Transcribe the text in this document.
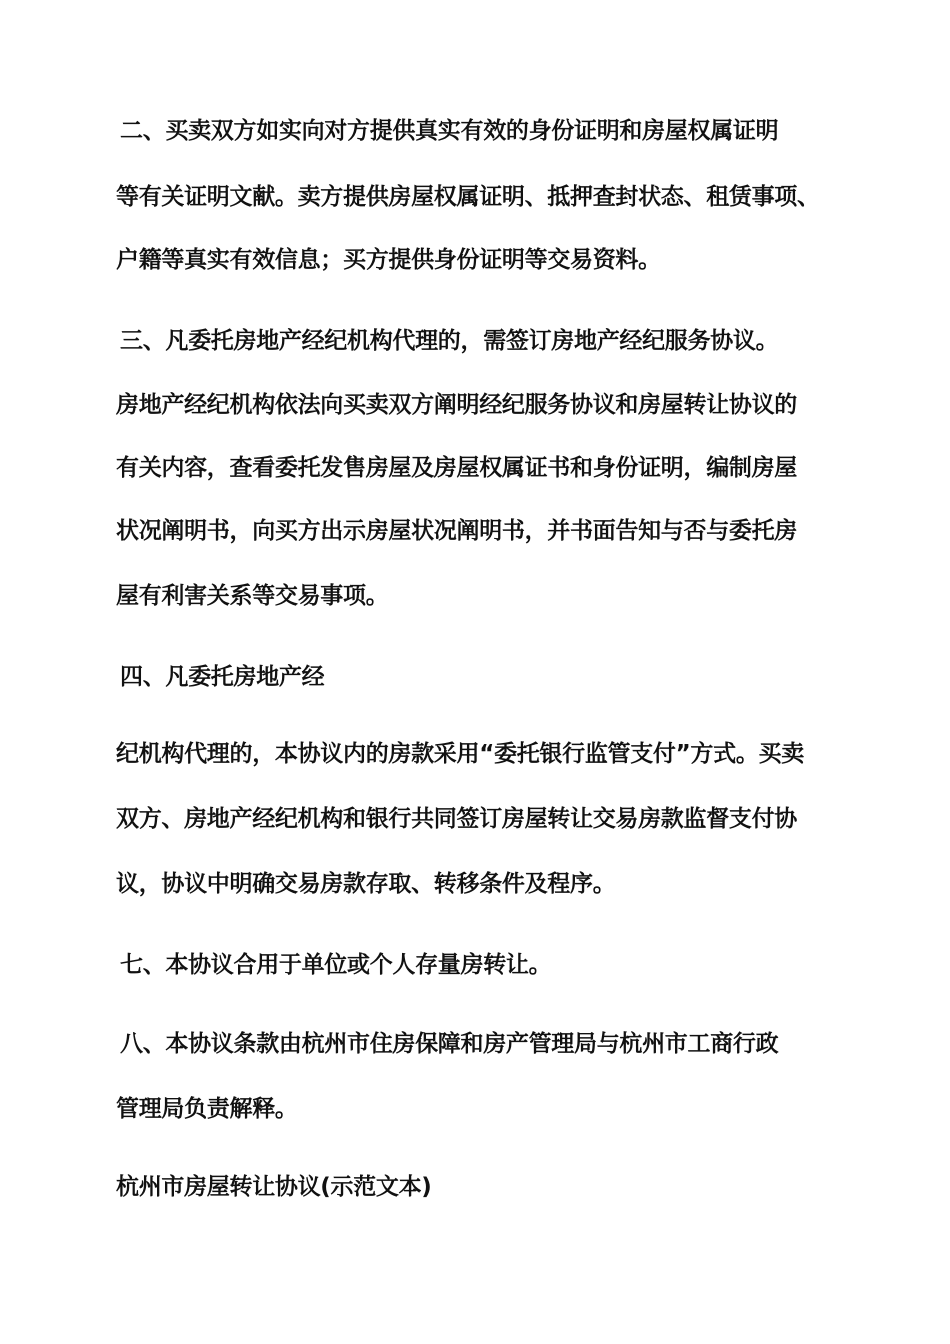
二、买卖双方如实向对方提供真实有效的身份证明和房屋权属证明
等有关证明文献。卖方提供房屋权属证明、抵押查封状态、租赁事项、
户籍等真实有效信息；买方提供身份证明等交易资料。
三、凡委托房地产经纪机构代理的，需签订房地产经纪服务协议。
房地产经纪机构依法向买卖双方阐明经纪服务协议和房屋转让协议的
有关内容，查看委托发售房屋及房屋权属证书和身份证明，编制房屋
状况阐明书，向买方出示房屋状况阐明书，并书面告知与否与委托房
屋有利害关系等交易事项。
四、凡委托房地产经
纪机构代理的，本协议内的房款采用“委托银行监管支付”方式。买卖
双方、房地产经纪机构和银行共同签订房屋转让交易房款监督支付协
议，协议中明确交易房款存取、转移条件及程序。
七、本协议合用于单位或个人存量房转让。
八、本协议条款由杭州市住房保障和房产管理局与杭州市工商行政
管理局负责解释。
杭州市房屋转让协议(示范文本)
